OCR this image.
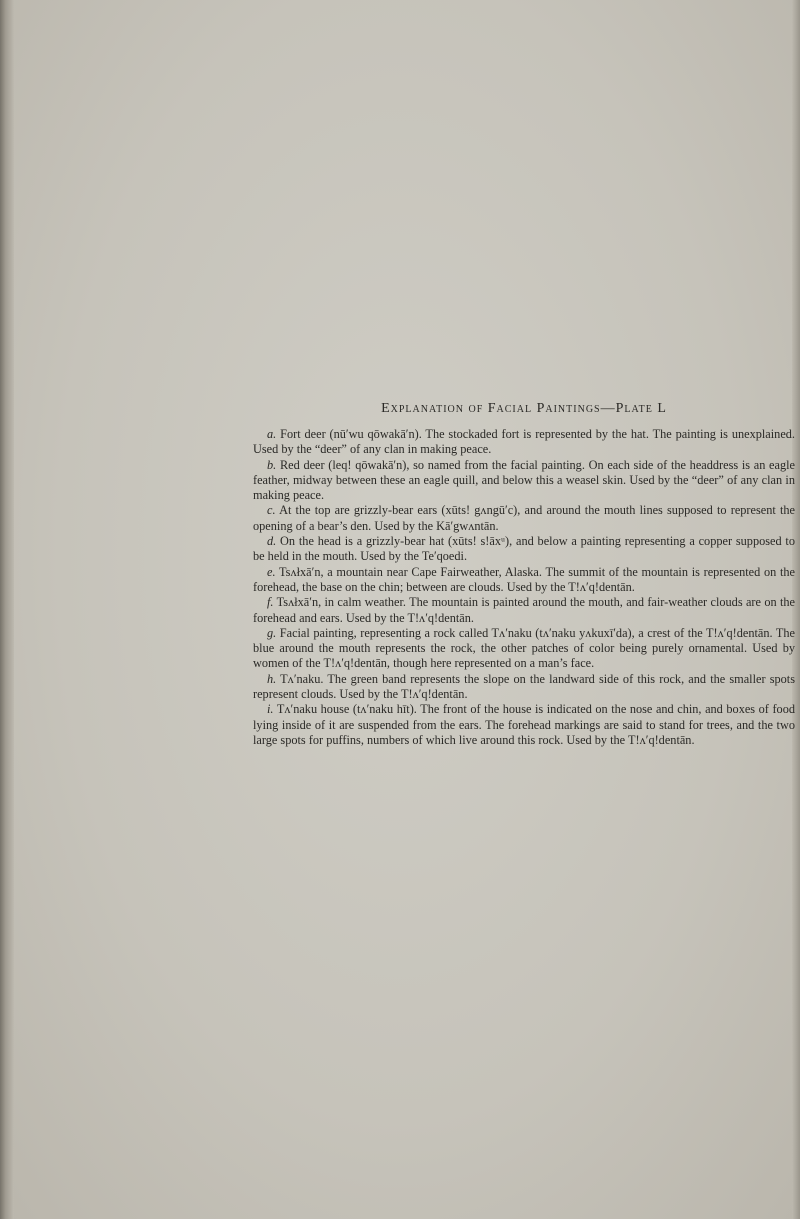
Explanation of Facial Paintings—Plate L

a. Fort deer (nū′wu qōwakā′n). The stockaded fort is represented by the hat. The painting is unexplained. Used by the “deer” of any clan in making peace.

b. Red deer (leq! qōwakā′n), so named from the facial painting. On each side of the headdress is an eagle feather, midway between these an eagle quill, and below this a weasel skin. Used by the “deer” of any clan in making peace.

c. At the top are grizzly-bear ears (xūts! gʌngū′c), and around the mouth lines supposed to represent the opening of a bear’s den. Used by the Kā′gwʌntān.

d. On the head is a grizzly-bear hat (xūts! s!āxᵘ), and below a painting representing a copper supposed to be held in the mouth. Used by the Te′qoedi.

e. Tsʌłxā′n, a mountain near Cape Fairweather, Alaska. The summit of the mountain is represented on the forehead, the base on the chin; between are clouds. Used by the T!ʌ′q!dentān.

f. Tsʌłxā′n, in calm weather. The mountain is painted around the mouth, and fair-weather clouds are on the forehead and ears. Used by the T!ʌ′q!dentān.

g. Facial painting, representing a rock called Tʌ′naku (tʌ′naku yʌkuxī′da), a crest of the T!ʌ′q!dentān. The blue around the mouth represents the rock, the other patches of color being purely ornamental. Used by women of the T!ʌ′q!dentān, though here represented on a man’s face.

h. Tʌ′naku. The green band represents the slope on the landward side of this rock, and the smaller spots represent clouds. Used by the T!ʌ′q!dentān.

i. Tʌ′naku house (tʌ′naku hīt). The front of the house is indicated on the nose and chin, and boxes of food lying inside of it are suspended from the ears. The forehead markings are said to stand for trees, and the two large spots for puffins, numbers of which live around this rock. Used by the T!ʌ′q!dentān.
